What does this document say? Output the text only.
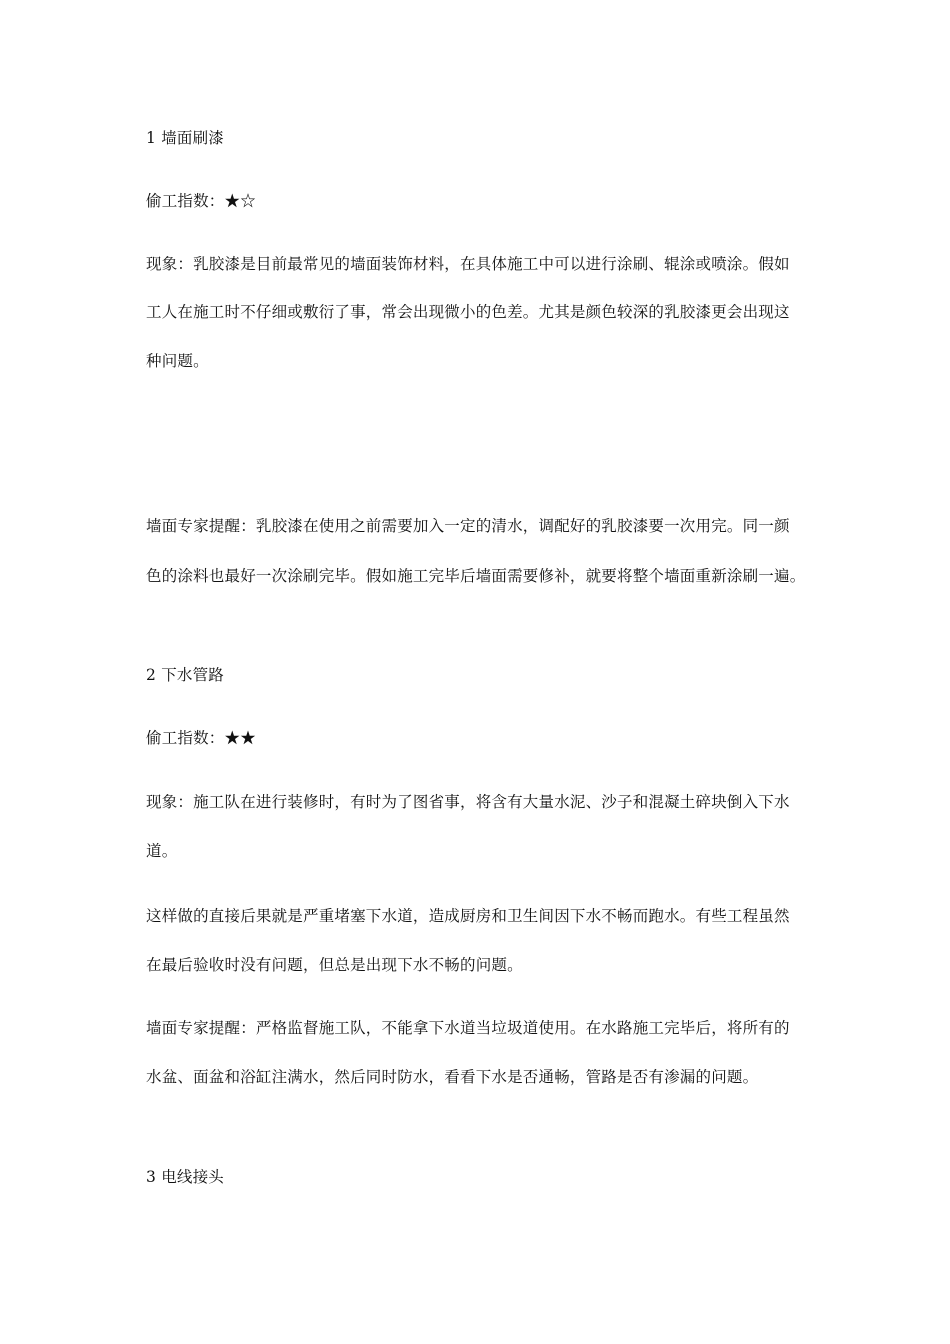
1 墙面刷漆
偷工指数：★☆
现象：乳胶漆是目前最常见的墙面装饰材料，在具体施工中可以进行涂刷、辊涂或喷涂。假如
工人在施工时不仔细或敷衍了事，常会出现微小的色差。尤其是颜色较深的乳胶漆更会出现这
种问题。
墙面专家提醒：乳胶漆在使用之前需要加入一定的清水，调配好的乳胶漆要一次用完。同一颜
色的涂料也最好一次涂刷完毕。假如施工完毕后墙面需要修补，就要将整个墙面重新涂刷一遍。
2 下水管路
偷工指数：★★
现象：施工队在进行装修时，有时为了图省事，将含有大量水泥、沙子和混凝土碎块倒入下水
道。
这样做的直接后果就是严重堵塞下水道，造成厨房和卫生间因下水不畅而跑水。有些工程虽然
在最后验收时没有问题，但总是出现下水不畅的问题。
墙面专家提醒：严格监督施工队，不能拿下水道当垃圾道使用。在水路施工完毕后，将所有的
水盆、面盆和浴缸注满水，然后同时防水，看看下水是否通畅，管路是否有渗漏的问题。
3 电线接头
